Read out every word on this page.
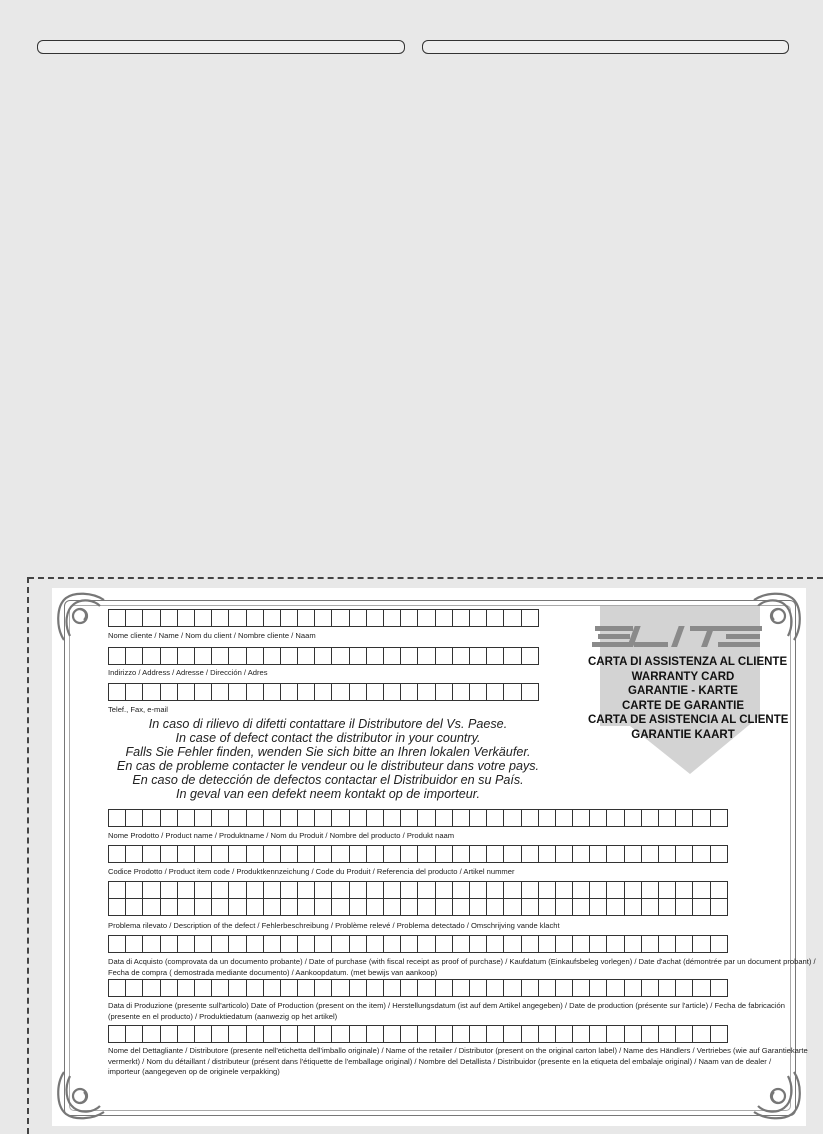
CARTA DI ASSISTENZA AL CLIENTE
WARRANTY CARD
GARANTIE - KARTE
CARTE DE GARANTIE
CARTA DE ASISTENCIA AL CLIENTE
GARANTIE KAART
Nome cliente / Name / Nom du client / Nombre cliente / Naam
Indirizzo / Address / Adresse / Dirección / Adres
Telef., Fax, e-mail
In caso di rilievo di difetti contattare il Distributore del Vs. Paese.
In case of defect contact the distributor in your country.
Falls Sie Fehler finden, wenden Sie sich bitte an Ihren lokalen Verkäufer.
En cas de probleme contacter le vendeur ou le distributeur dans votre pays.
En caso de detección de defectos contactar el Distribuidor en su País.
In geval van een defekt neem kontakt op de importeur.
Nome Prodotto / Product name / Produktname / Nom du Produit / Nombre del producto / Produkt naam
Codice Prodotto / Product item code / Produktkennzeichung / Code du Produit / Referencia del producto / Artikel nummer
Problema rilevato / Description of the defect / Fehlerbeschreibung / Problème relevé / Problema detectado / Omschrijving vande klacht
Data di Acquisto (comprovata da un documento probante) / Date of purchase (with fiscal receipt as proof of purchase) / Kaufdatum (Einkaufsbeleg vorlegen) / Date d'achat (démontrée par un document probant) /
Fecha de compra ( demostrada mediante documento) / Aankoopdatum. (met bewijs van aankoop)
Data di Produzione (presente sull'articolo) Date of Production (present on the item) / Herstellungsdatum (ist auf dem Artikel angegeben) / Date de production (présente sur l'article) / Fecha de fabricación
(presente en el producto) / Produktiedatum (aanwezig op het artikel)
Nome del Dettagliante / Distributore (presente nell'etichetta dell'imballo originale) / Name of the retailer / Distributor (present on the original carton label) / Name des Händlers / Vertriebes (wie auf Garantiekarte
vermerkt) / Nom du détaillant / distributeur (présent dans l'étiquette de l'emballage original) / Nombre del Detallista / Distribuidor (presente en la etiqueta del embalaje original) / Naam van de dealer /
importeur (aangegeven op de originele verpakking)
